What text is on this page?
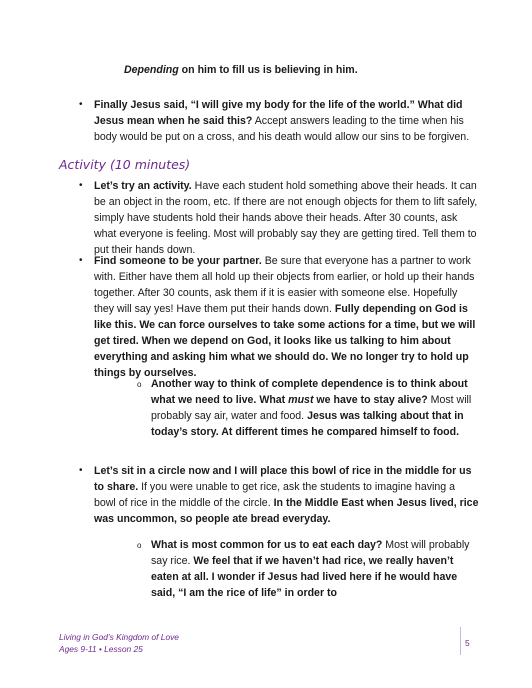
Depending on him to fill us is believing in him.
• Finally Jesus said, “I will give my body for the life of the world.” What did Jesus mean when he said this? Accept answers leading to the time when his body would be put on a cross, and his death would allow our sins to be forgiven.
Activity (10 minutes)
• Let’s try an activity. Have each student hold something above their heads. It can be an object in the room, etc. If there are not enough objects for them to lift safely, simply have students hold their hands above their heads. After 30 counts, ask what everyone is feeling. Most will probably say they are getting tired. Tell them to put their hands down.
• Find someone to be your partner. Be sure that everyone has a partner to work with. Either have them all hold up their objects from earlier, or hold up their hands together. After 30 counts, ask them if it is easier with someone else. Hopefully they will say yes! Have them put their hands down. Fully depending on God is like this. We can force ourselves to take some actions for a time, but we will get tired. When we depend on God, it looks like us talking to him about everything and asking him what we should do. We no longer try to hold up things by ourselves.
o Another way to think of complete dependence is to think about what we need to live. What must we have to stay alive? Most will probably say air, water and food. Jesus was talking about that in today’s story. At different times he compared himself to food.
• Let’s sit in a circle now and I will place this bowl of rice in the middle for us to share. If you were unable to get rice, ask the students to imagine having a bowl of rice in the middle of the circle. In the Middle East when Jesus lived, rice was uncommon, so people ate bread everyday.
o What is most common for us to eat each day? Most will probably say rice. We feel that if we haven’t had rice, we really haven’t eaten at all. I wonder if Jesus had lived here if he would have said, “I am the rice of life” in order to
Living in God’s Kingdom of Love
Ages 9-11 • Lesson 25
5
